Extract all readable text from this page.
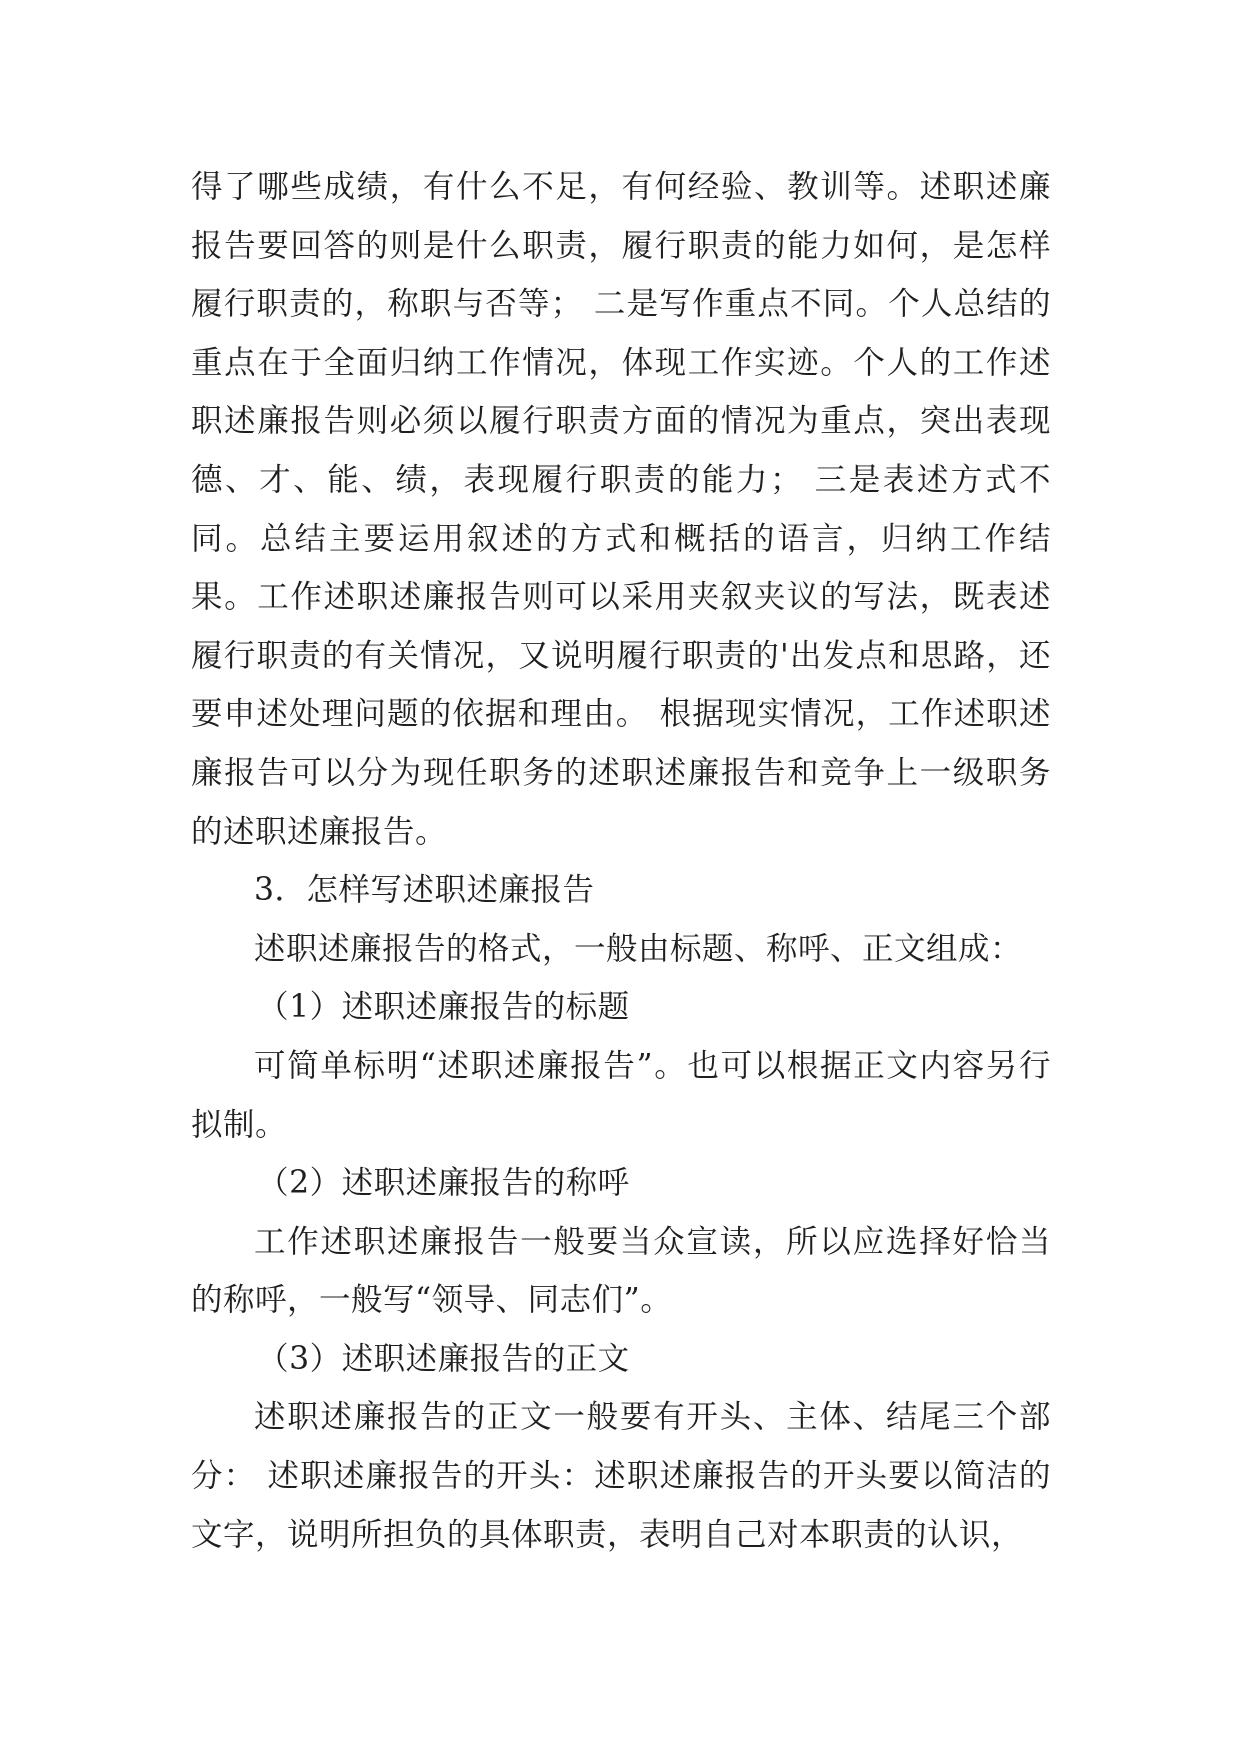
得了哪些成绩，有什么不足，有何经验、教训等。述职述廉报告要回答的则是什么职责，履行职责的能力如何，是怎样履行职责的，称职与否等； 二是写作重点不同。个人总结的重点在于全面归纳工作情况，体现工作实迹。个人的工作述职述廉报告则必须以履行职责方面的情况为重点，突出表现德、才、能、绩，表现履行职责的能力； 三是表述方式不同。总结主要运用叙述的方式和概括的语言，归纳工作结果。工作述职述廉报告则可以采用夹叙夹议的写法，既表述履行职责的有关情况，又说明履行职责的'出发点和思路，还要申述处理问题的依据和理由。 根据现实情况，工作述职述廉报告可以分为现任职务的述职述廉报告和竞争上一级职务的述职述廉报告。

3．怎样写述职述廉报告

述职述廉报告的格式，一般由标题、称呼、正文组成：

（1）述职述廉报告的标题

可简单标明“述职述廉报告”。也可以根据正文内容另行拟制。

（2）述职述廉报告的称呼

工作述职述廉报告一般要当众宣读，所以应选择好恰当的称呼，一般写“领导、同志们”。

（3）述职述廉报告的正文

述职述廉报告的正文一般要有开头、主体、结尾三个部分： 述职述廉报告的开头：述职述廉报告的开头要以简洁的文字，说明所担负的具体职责，表明自己对本职责的认识，
